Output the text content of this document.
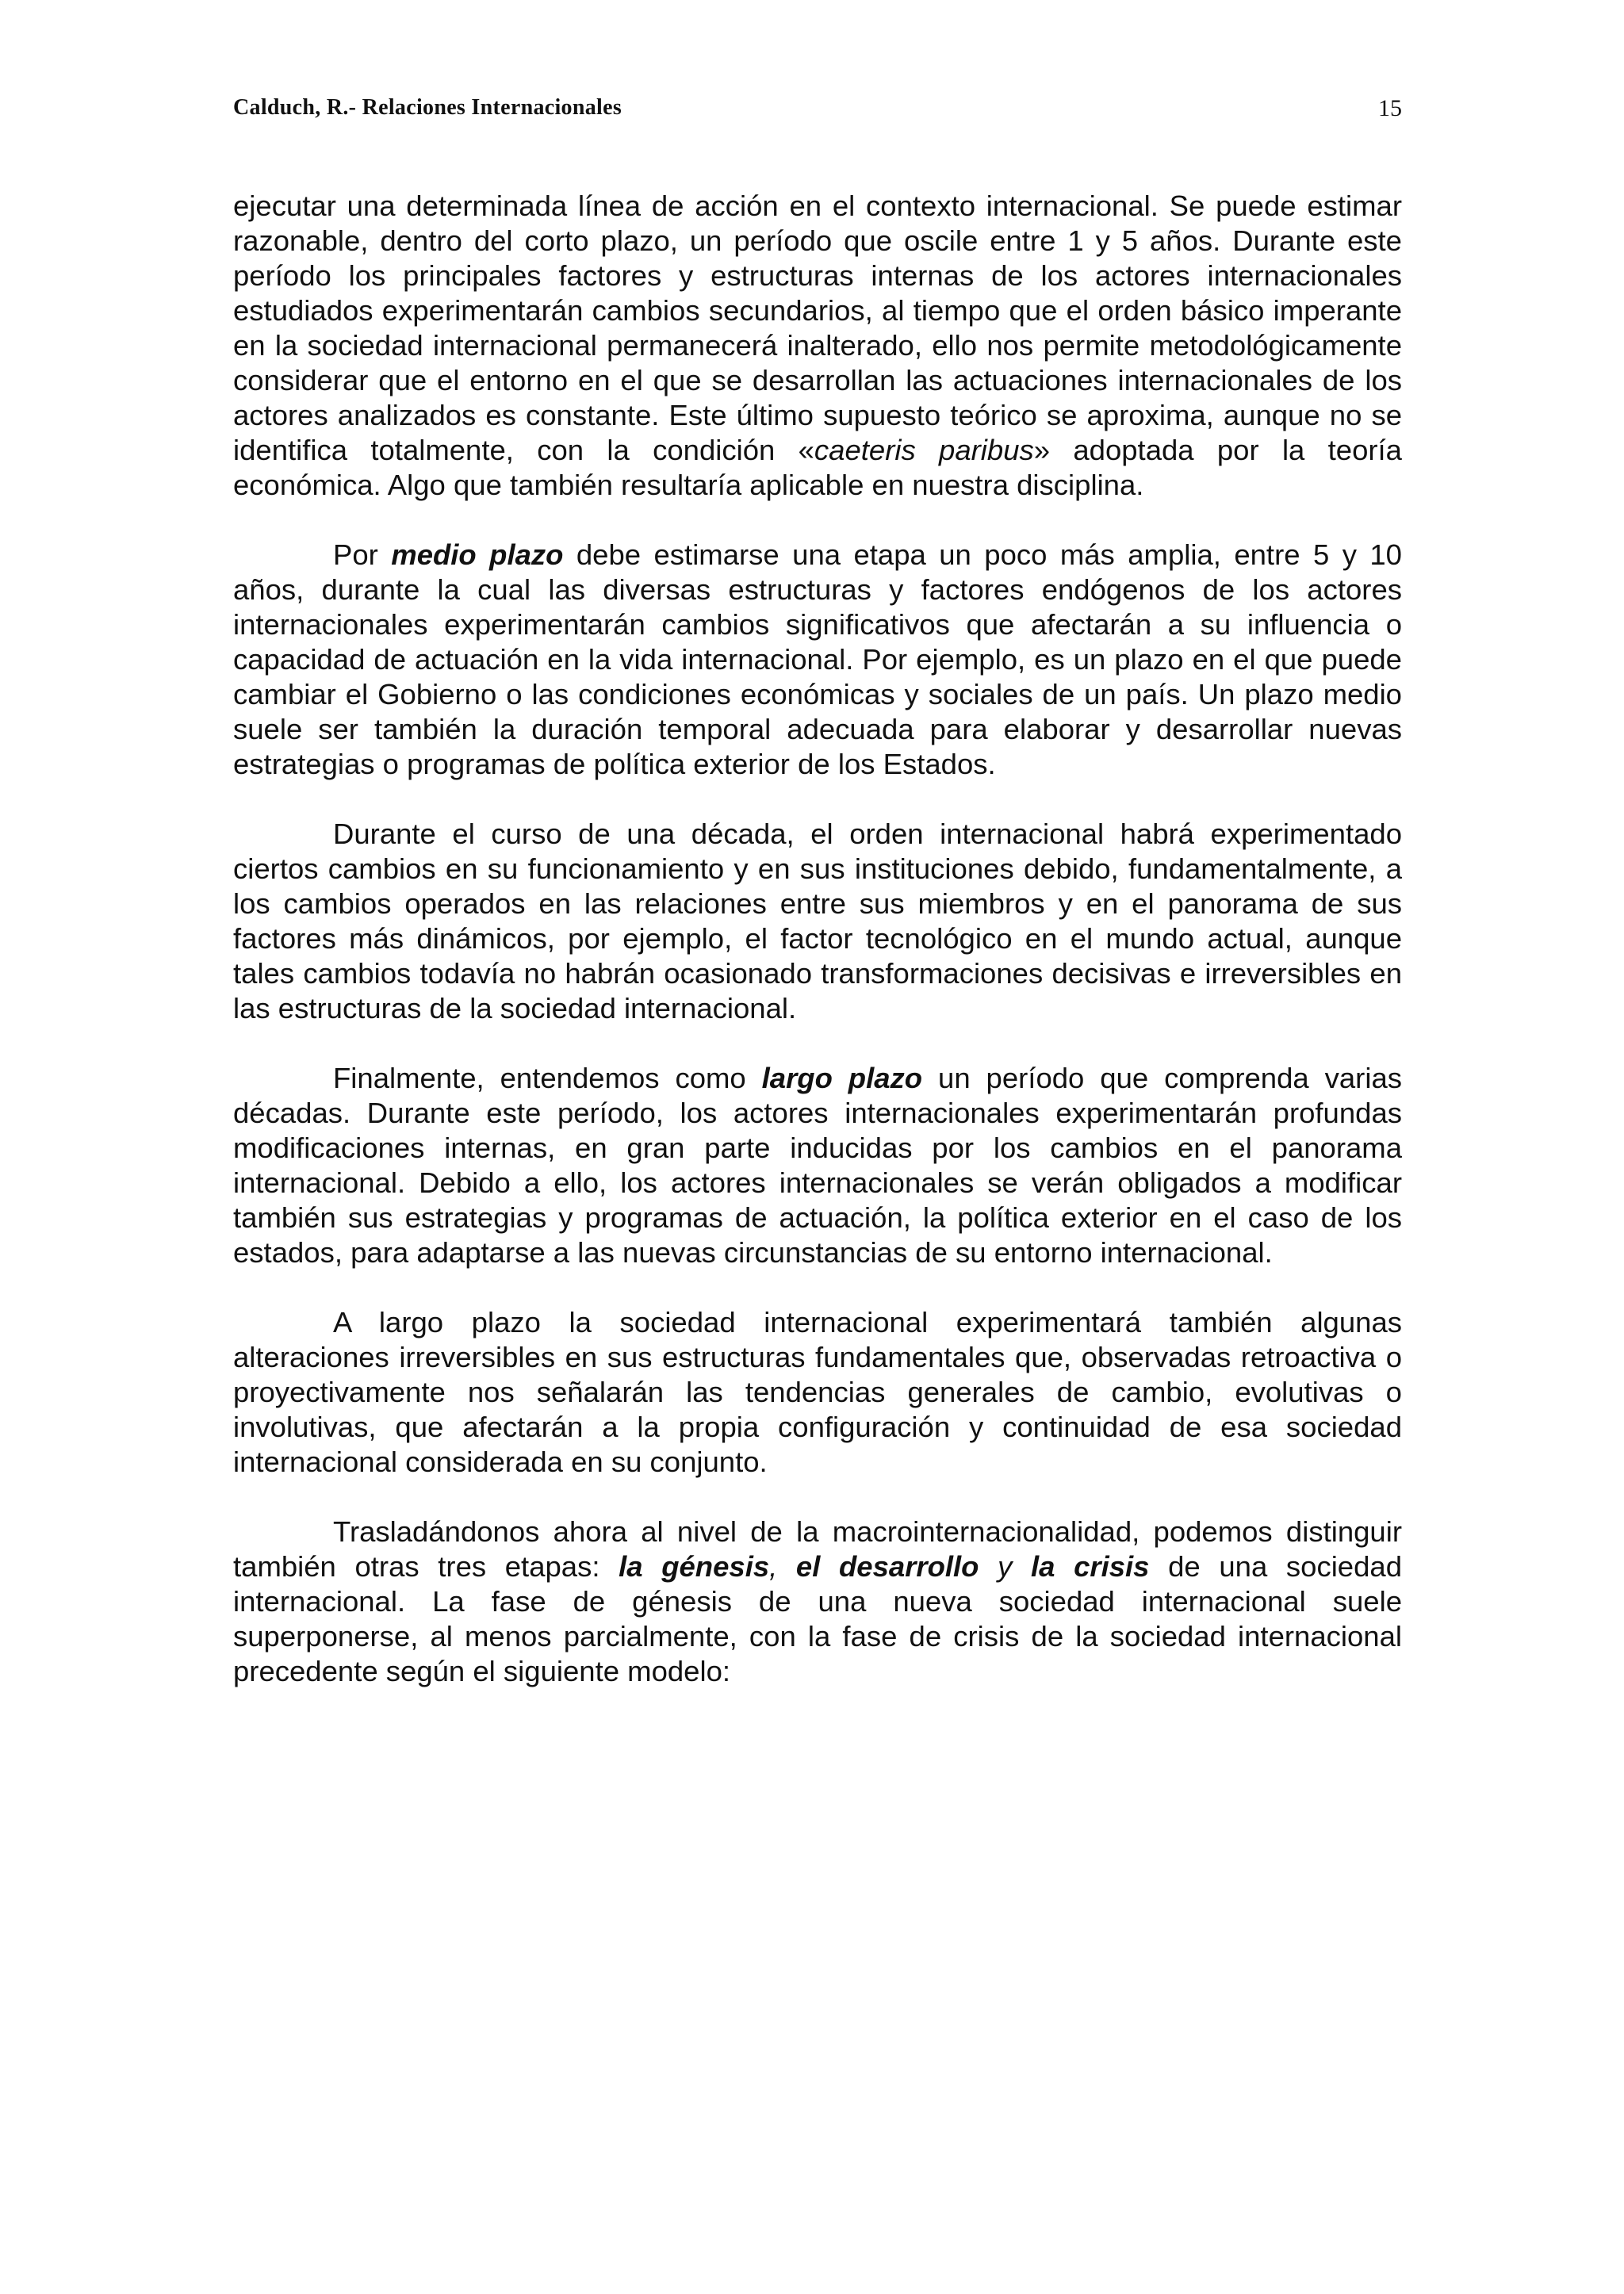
Calduch, R.- Relaciones Internacionales	15

ejecutar una determinada línea de acción en el contexto internacional. Se puede estimar razonable, dentro del corto plazo, un período que oscile entre 1 y 5 años. Durante este período los principales factores y estructuras internas de los actores internacionales estudiados experimentarán cambios secundarios, al tiempo que el orden básico imperante en la sociedad internacional permanecerá inalterado, ello nos permite metodológicamente considerar que el entorno en el que se desarrollan las actuaciones internacionales de los actores analizados es constante. Este último supuesto teórico se aproxima, aunque no se identifica totalmente, con la condición «caeteris paribus» adoptada por la teoría económica. Algo que también resultaría aplicable en nuestra disciplina.

Por medio plazo debe estimarse una etapa un poco más amplia, entre 5 y 10 años, durante la cual las diversas estructuras y factores endógenos de los actores internacionales experimentarán cambios significativos que afectarán a su influencia o capacidad de actuación en la vida internacional. Por ejemplo, es un plazo en el que puede cambiar el Gobierno o las condiciones económicas y sociales de un país. Un plazo medio suele ser también la duración temporal adecuada para elaborar y desarrollar nuevas estrategias o programas de política exterior de los Estados.

Durante el curso de una década, el orden internacional habrá experimentado ciertos cambios en su funcionamiento y en sus instituciones debido, fundamentalmente, a los cambios operados en las relaciones entre sus miembros y en el panorama de sus factores más dinámicos, por ejemplo, el factor tecnológico en el mundo actual, aunque tales cambios todavía no habrán ocasionado transformaciones decisivas e irreversibles en las estructuras de la sociedad internacional.

Finalmente, entendemos como largo plazo un período que comprenda varias décadas. Durante este período, los actores internacionales experimentarán profundas modificaciones internas, en gran parte inducidas por los cambios en el panorama internacional. Debido a ello, los actores internacionales se verán obligados a modificar también sus estrategias y programas de actuación, la política exterior en el caso de los estados, para adaptarse a las nuevas circunstancias de su entorno internacional.

A largo plazo la sociedad internacional experimentará también algunas alteraciones irreversibles en sus estructuras fundamentales que, observadas retroactiva o proyectivamente nos señalarán las tendencias generales de cambio, evolutivas o involutivas, que afectarán a la propia configuración y continuidad de esa sociedad internacional considerada en su conjunto.

Trasladándonos ahora al nivel de la macrointernacionalidad, podemos distinguir también otras tres etapas: la génesis, el desarrollo y la crisis de una sociedad internacional. La fase de génesis de una nueva sociedad internacional suele superponerse, al menos parcialmente, con la fase de crisis de la sociedad internacional precedente según el siguiente modelo:
